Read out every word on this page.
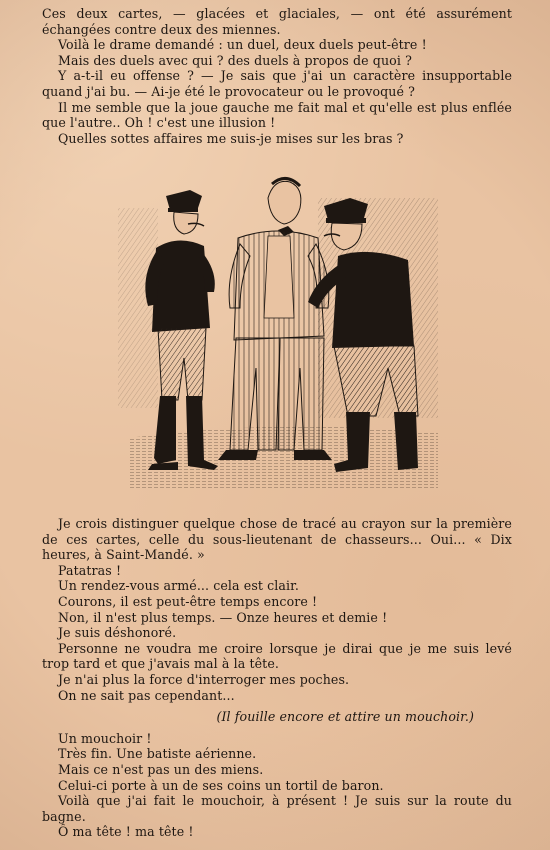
Ces deux cartes, — glacées et glaciales, — ont été assurément échangées contre deux des miennes.

Voilà le drame demandé : un duel, deux duels peut-être !

Mais des duels avec qui ? des duels à propos de quoi ?

Y a-t-il eu offense ? — Je sais que j'ai un caractère insupportable quand j'ai bu. — Ai-je été le provocateur ou le provoqué ?

Il me semble que la joue gauche me fait mal et qu'elle est plus enflée que l'autre.. Oh ! c'est une illusion !

Quelles sottes affaires me suis-je mises sur les bras ?

Je crois distinguer quelque chose de tracé au crayon sur la première de ces cartes, celle du sous-lieutenant de chasseurs... Oui... « Dix heures, à Saint-Mandé. »

Patatras !

Un rendez-vous armé... cela est clair.

Courons, il est peut-être temps encore !

Non, il n'est plus temps. — Onze heures et demie !

Je suis déshonoré.

Personne ne voudra me croire lorsque je dirai que je me suis levé trop tard et que j'avais mal à la tête.

Je n'ai plus la force d'interroger mes poches.

On ne sait pas cependant...

(Il fouille encore et attire un mouchoir.)

Un mouchoir !

Très fin. Une batiste aérienne.

Mais ce n'est pas un des miens.

Celui-ci porte à un de ses coins un tortil de baron.

Voilà que j'ai fait le mouchoir, à présent ! Je suis sur la route du bagne.

Ô ma tête ! ma tête !
